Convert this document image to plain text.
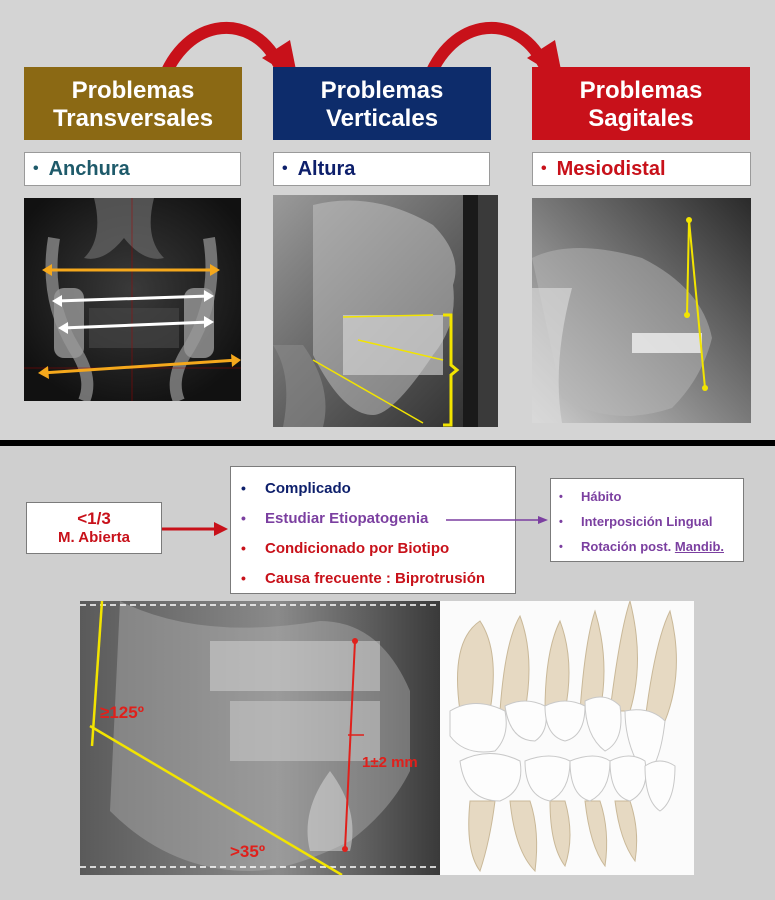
Problemas
Transversales
Problemas
Verticales
Problemas
Sagitales
• Anchura	• Altura	• Mesiodistal
<1/3
M. Abierta
•	Complicado
•	Estudiar Etiopatogenia
•	Condicionado por Biotipo
•	Causa frecuente : Biprotrusión
•	Hábito
•	Interposición Lingual
•	Rotación post. Mandib.
≥125º
1±2 mm
>35º
